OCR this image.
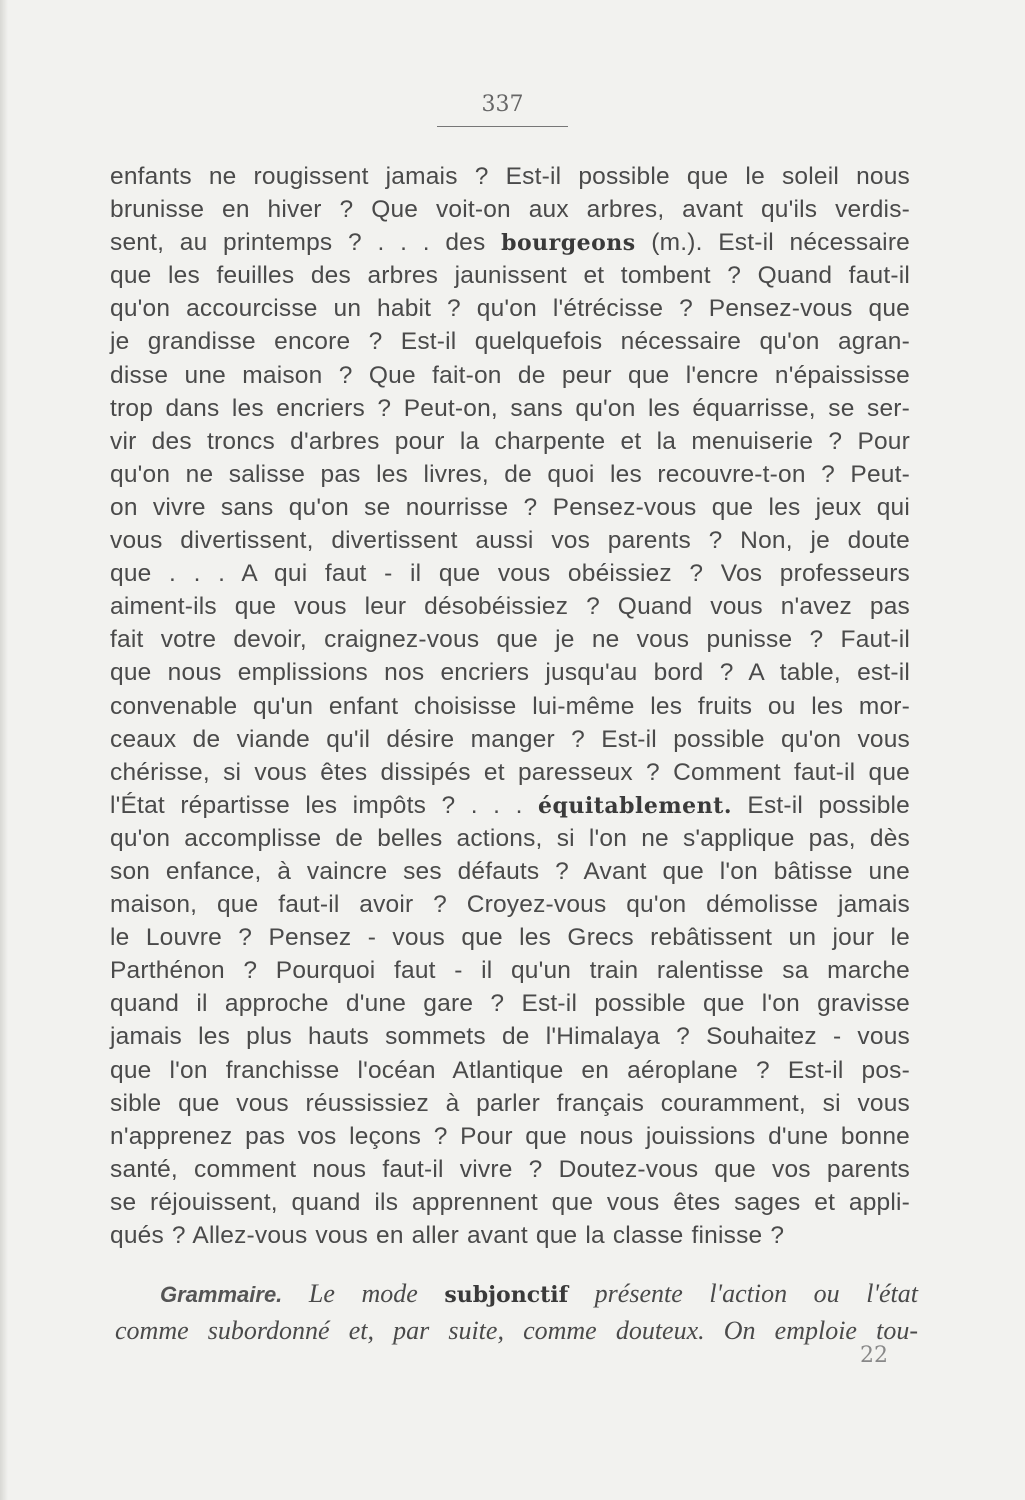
337
enfants ne rougissent jamais ? Est-il possible que le soleil nous
brunisse en hiver ? Que voit-on aux arbres, avant qu'ils verdis-
sent, au printemps ? . . . des bourgeons (m.). Est-il nécessaire
que les feuilles des arbres jaunissent et tombent ? Quand faut-il
qu'on accourcisse un habit ? qu'on l'étrécisse ? Pensez-vous que
je grandisse encore ? Est-il quelquefois nécessaire qu'on agran-
disse une maison ? Que fait-on de peur que l'encre n'épaississe
trop dans les encriers ? Peut-on, sans qu'on les équarrisse, se ser-
vir des troncs d'arbres pour la charpente et la menuiserie ? Pour
qu'on ne salisse pas les livres, de quoi les recouvre-t-on ? Peut-
on vivre sans qu'on se nourrisse ? Pensez-vous que les jeux qui
vous divertissent, divertissent aussi vos parents ? Non, je doute
que . . . A qui faut - il que vous obéissiez ? Vos professeurs
aiment-ils que vous leur désobéissiez ? Quand vous n'avez pas
fait votre devoir, craignez-vous que je ne vous punisse ? Faut-il
que nous emplissions nos encriers jusqu'au bord ? A table, est-il
convenable qu'un enfant choisisse lui-même les fruits ou les mor-
ceaux de viande qu'il désire manger ? Est-il possible qu'on vous
chérisse, si vous êtes dissipés et paresseux ? Comment faut-il que
l'État répartisse les impôts ? . . . équitablement. Est-il possible
qu'on accomplisse de belles actions, si l'on ne s'applique pas, dès
son enfance, à vaincre ses défauts ? Avant que l'on bâtisse une
maison, que faut-il avoir ? Croyez-vous qu'on démolisse jamais
le Louvre ? Pensez - vous que les Grecs rebâtissent un jour le
Parthénon ? Pourquoi faut - il qu'un train ralentisse sa marche
quand il approche d'une gare ? Est-il possible que l'on gravisse
jamais les plus hauts sommets de l'Himalaya ? Souhaitez - vous
que l'on franchisse l'océan Atlantique en aéroplane ? Est-il pos-
sible que vous réussissiez à parler français couramment, si vous
n'apprenez pas vos leçons ? Pour que nous jouissions d'une bonne
santé, comment nous faut-il vivre ? Doutez-vous que vos parents
se réjouissent, quand ils apprennent que vous êtes sages et appli-
qués ? Allez-vous vous en aller avant que la classe finisse ?
Grammaire. Le mode subjonctif présente l'action ou l'état
comme subordonné et, par suite, comme douteux. On emploie tou-
22
